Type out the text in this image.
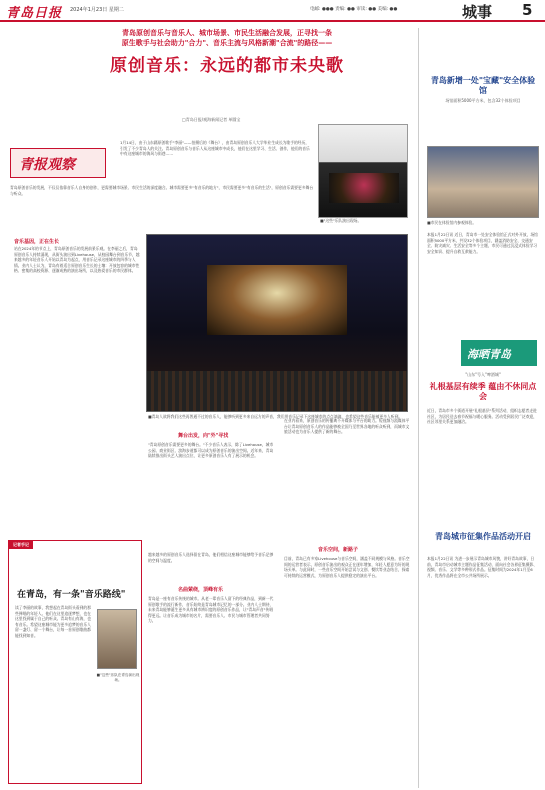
青岛日报 2024年1月23日 星期二	电邮: ●●● 责编: ●● 审读: ●● 美编: ●●	城事 5
青岛原创音乐与音乐人、城市场景、市民生活融合发展，正寻找一条
原生歌手与社会助力"合力"、音乐主流与风格新潮"合流"的路径——
原创音乐：永远的都市未央歌
□青岛日报/观海新闻记者 单圆宝
青报观察
1月14日，由于山东籍原创歌手"李丽"——拍摄后的《舞台》，由青岛原创音乐人大学毕业生成长为歌手的经历，引发了不少青岛人的关注。青岛原创音乐与音乐人从这座城市中成长，他们在这里学习、生活、创作，他们的音乐中有这座城市的海风与街巷……
青岛原创音乐的发展，不仅仅依靠音乐人自身的创作，更需要城市场景、市民生活的深度融合。城市需要更多"有音乐的地方"，市民需要更多"有音乐的生活"，原创音乐需要更多舞台与听众。
■"这些"乐队演出现场。
音乐基因，正在生长
站在2024年的节点上，青岛原创音乐的发展前景乐观。在李丽之后，青岛原创音乐人持续涌现，从街头演出到Livehouse，从校园舞台到音乐节，越来越多的年轻音乐人开始以青岛为起点，用音乐记录这座城市的四季与人情。业内人士认为，青岛有着适合原创音乐生长的土壤：开放包容的城市性格、密集的高校资源、逐渐成熟的演出场所，以及热爱音乐的市民群体。
■青岛人欲将我们这些再普通不过的音乐人，能够听到更多来自远方的声音，我们用音乐记录下这座城市的点点滴滴，也希望这些音乐能被更多人听到。
在业内看来，原创音乐的传播离不开媒体与平台的助力。短视频与流媒体平台让青岛原创音乐人的作品能够被全国乃至世界各地的听众听到，而城市文旅活动也为音乐人提供了新的舞台。
舞台出发，向"外"寻找
"青岛原创音乐需要更多的舞台。"不少音乐人表示，除了Livehouse，城市公园、商业街区、滨海步道都可以成为原创音乐的演出空间。近年来，青岛陆续推出街头艺人演出点位，让更多原创音乐人有了展示的机会。
越来越多的原创音乐人选择留在青岛，他们相信这座城市能够给予音乐足够的空间与温度。
音乐空间，新路子
目前，青岛已有多家Livehouse与音乐空间，涵盖不同规模与风格。音乐空间的运营者表示，原创音乐演出的观众正在逐年增加，年轻人愿意为好的现场买单。与此同时，一些音乐空间开始尝试与文创、餐饮等业态结合，探索可持续的运营模式，为原创音乐人提供稳定的演出平台。
名曲萦绕，顶峰有乐
青岛是一座有音乐传统的城市。从老一辈音乐人留下的经典作品，到新一代原创歌手的流行新作，音乐始终是青岛城市记忆的一部分。业内人士期待，未来青岛能够诞生更多具有城市辨识度的原创音乐作品，让"青岛声音"传唱得更远。让音乐成为城市的名片，需要音乐人、市民与城市管理者共同努力。
记者手记
在青岛，有一条"音乐路线"
读了李丽的故事，我想起在青岛街头看到的那些弹唱的年轻人。他们在这里追逐梦想，也在这里找到属于自己的听众。青岛有山有海，也有音乐。希望这座城市能为更多追梦的音乐人留一盏灯、留一个舞台，让每一首原创歌曲都能找到知音。
■"这些"乐队在青岛演出现场。
青岛新增一处"宝藏"安全体验馆
场馆面积5000平方米，包含32个体验项目
■市民在体验馆内参观体验。
本报1月22日讯 近日，青岛市一处安全体验馆正式对外开放，场馆面积5000平方米，共设32个体验项目，涵盖消防安全、交通安全、防灾减灾、生活安全等多个主题，市民可通过沉浸式体验学习安全知识、提升自救互救能力。
海晒青岛
"山东"号入"啤酒城"
礼根基层有续季 蕴由不休同点会
近日，青岛市多个街道开展"礼根基层"系列活动，组织志愿者走进社区，为居民送去春节祝福与暖心服务。活动受到居民广泛欢迎，社区邻里关系更加融洽。
青岛城市征集作品活动开启
本报1月22日讯 为进一步展示青岛城市风貌，讲好青岛故事，日前，青岛市启动城市主题作品征集活动，面向社会各界征集摄影、视频、音乐、文学等多种形式作品。征集时间为2024年1月至6月，优秀作品将在全市公共场所展示。
